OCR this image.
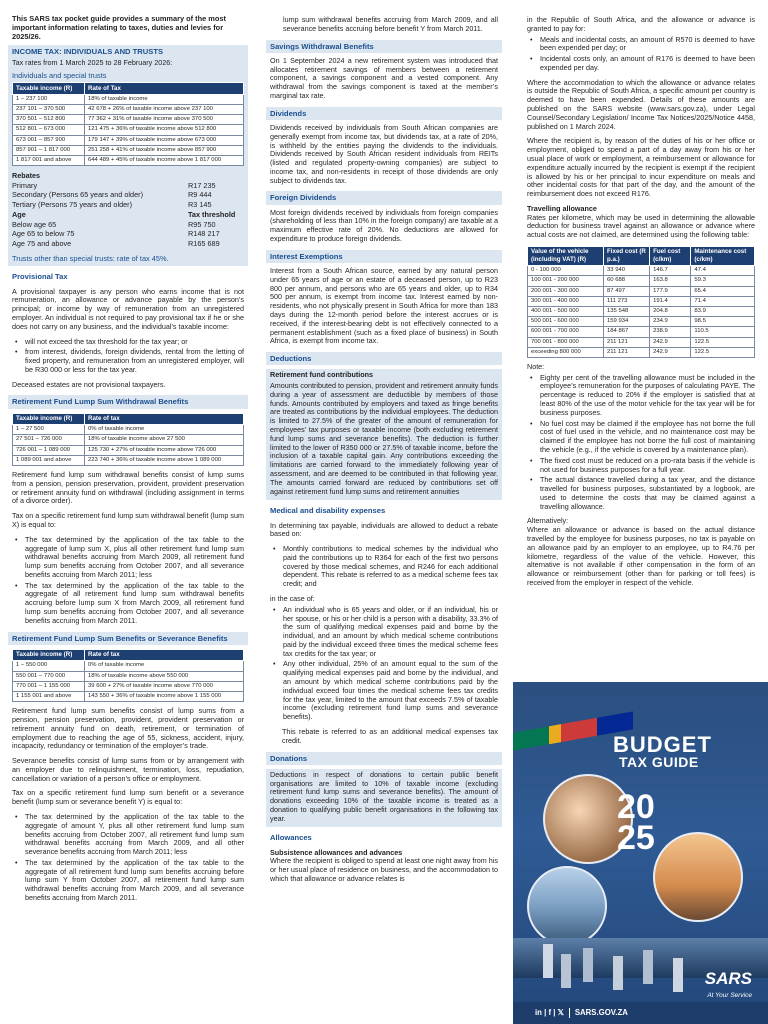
This SARS tax pocket guide provides a summary of the most important information relating to taxes, duties and levies for 2025/26.

INCOME TAX: INDIVIDUALS AND TRUSTS
Tax rates from 1 March 2025 to 28 February 2026:
Individuals and special trusts
Taxable income (R)	Rate of Tax
1 – 237 100	18% of taxable income
237 101 – 370 500	42 678 + 26% of taxable income above 237 100
370 501 – 512 800	77 362 + 31% of taxable income above 370 500
512 801 – 673 000	121 475 + 36% of taxable income above 512 800
673 001 – 857 900	179 147 + 39% of taxable income above 673 000
857 901 – 1 817 000	251 258 + 41% of taxable income above 857 900
1 817 001 and above	644 489 + 45% of taxable income above 1 817 000
Rebates
Primary	R17 235
Secondary (Persons 65 years and older)	R9 444
Tertiary (Persons 75 years and older)	R3 145
Age	Tax threshold
Below age 65	R95 750
Age 65 to below 75	R148 217
Age 75 and above	R165 689
Trusts other than special trusts: rate of tax 45%.
Provisional Tax

A provisional taxpayer is any person who earns income that is not remuneration, an allowance or advance payable by the person’s principal; or income by way of remuneration from an unregistered employer. An individual is not required to pay provisional tax if he or she does not carry on any business, and the individual’s taxable income:

• will not exceed the tax threshold for the tax year; or
• from interest, dividends, foreign dividends, rental from the letting of fixed property, and remuneration from an unregistered employer, will be R30 000 or less for the tax year.

Deceased estates are not provisional taxpayers.

Retirement Fund Lump Sum Withdrawal Benefits
Taxable income (R)	Rate of tax
1 – 27 500	0% of taxable income
27 501 – 726 000	18% of taxable income above 27 500
726 001 – 1 089 000	125 730 + 27% of taxable income above 726 000
1 089 001 and above	223 740 + 36% of taxable income above 1 089 000

Retirement fund lump sum withdrawal benefits consist of lump sums from a pension, pension preservation, provident, provident preservation or retirement annuity fund on withdrawal (including assignment in terms of a divorce order).

Tax on a specific retirement fund lump sum withdrawal benefit (lump sum X) is equal to:

• The tax determined by the application of the tax table to the aggregate of lump sum X, plus all other retirement fund lump sum withdrawal benefits accruing from March 2009, all retirement fund lump sum benefits accruing from October 2007, and all severance benefits accruing from March 2011; less
• The tax determined by the application of the tax table to the aggregate of all retirement fund lump sum withdrawal benefits accruing before lump sum X from March 2009, all retirement fund lump sum benefits accruing from October 2007, and all severance benefits accruing from March 2011.
Retirement Fund Lump Sum Benefits or Severance Benefits
Taxable income (R)	Rate of tax
1 – 550 000	0% of taxable income
550 001 – 770 000	18% of taxable income above 550 000
770 001 – 1 155 000	39 600 + 27% of taxable income above 770 000
1 155 001 and above	143 550 + 36% of taxable income above 1 155 000

Retirement fund lump sum benefits consist of lump sums from a pension, pension preservation, provident, provident preservation or retirement annuity fund on death, retirement, or termination of employment due to reaching the age of 55, sickness, accident, injury, incapacity, redundancy or termination of the employer’s trade.

Severance benefits consist of lump sums from or by arrangement with an employer due to relinquishment, termination, loss, repudiation, cancellation or variation of a person’s office or employment.

Tax on a specific retirement fund lump sum benefit or a severance benefit (lump sum or severance benefit Y) is equal to:

• The tax determined by the application of the tax table to the aggregate of amount Y, plus all other retirement fund lump sum benefits accruing from October 2007, all retirement fund lump sum withdrawal benefits accruing from March 2009, and all other severance benefits accruing from March 2011; less
• The tax determined by the application of the tax table to the aggregate of all retirement fund lump sum benefits accruing before lump sum Y from October 2007, all retirement fund lump sum withdrawal benefits accruing from March 2009, and all severance benefits accruing from March 2011.

lump sum withdrawal benefits accruing from March 2009, and all severance benefits accruing before benefit Y from March 2011.

Savings Withdrawal Benefits

On 1 September 2024 a new retirement system was introduced that allocates retirement savings of members between a retirement component, a savings component and a vested component. Any withdrawal from the savings component is taxed at the member’s marginal tax rate.

Dividends

Dividends received by individuals from South African companies are generally exempt from income tax, but dividends tax, at a rate of 20%, is withheld by the entities paying the dividends to the individuals. Dividends received by South African resident individuals from REITs (listed and regulated property-owning companies) are subject to income tax, and non-residents in receipt of those dividends are only subject to dividends tax.

Foreign Dividends

Most foreign dividends received by individuals from foreign companies (shareholding of less than 10% in the foreign company) are taxable at a maximum effective rate of 20%. No deductions are allowed for expenditure to produce foreign dividends.

Interest Exemptions

Interest from a South African source, earned by any natural person under 65 years of age or an estate of a deceased person, up to R23 800 per annum, and persons who are 65 years and older, up to R34 500 per annum, is exempt from income tax. Interest earned by non-residents, who not physically present in South Africa for more than 183 days during the 12-month period before the interest accrues or is received, if the interest-bearing debt is not effectively connected to a permanent establishment (such as a fixed place of business) in South Africa, is exempt from income tax.

Deductions
Retirement fund contributions

Amounts contributed to pension, provident and retirement annuity funds during a year of assessment are deductible by members of those funds. Amounts contributed by employers and taxed as fringe benefits are treated as contributions by the individual employees. The deduction is limited to 27.5% of the greater of the amount of remuneration for employees’ tax purposes or taxable income (both excluding retirement fund lump sums and severance benefits). The deduction is further limited to the lower of R350 000 or 27.5% of taxable income, before the inclusion of a taxable capital gain. Any contributions exceeding the limitations are carried forward to the immediately following year of assessment, and are deemed to be contributed in that following year. The amounts carried forward are reduced by contributions set off against retirement fund lump sums and retirement annuities

Medical and disability expenses

In determining tax payable, individuals are allowed to deduct a rebate based on:

• Monthly contributions to medical schemes by the individual who paid the contributions up to R364 for each of the first two persons covered by those medical schemes, and R246 for each additional dependent. This rebate is referred to as a medical scheme fees tax credit; and

in the case of:

• An individual who is 65 years and older, or if an individual, his or her spouse, or his or her child is a person with a disability, 33.3% of the sum of qualifying medical expenses paid and borne by the individual, and an amount by which medical scheme contributions paid by the individual exceed three times the medical scheme fees tax credits for the tax year; or
• Any other individual, 25% of an amount equal to the sum of the qualifying medical expenses paid and borne by the individual, and an amount by which medical scheme contributions paid by the individual exceed four times the medical scheme fees tax credits for the tax year, limited to the amount that exceeds 7.5% of taxable income (excluding retirement fund lump sums and severance benefits).

This rebate is referred to as an additional medical expenses tax credit.

Donations

Deductions in respect of donations to certain public benefit organisations are limited to 10% of taxable income (excluding retirement fund lump sums and severance benefits). The amount of donations exceeding 10% of the taxable income is treated as a donation to qualifying public benefit organisations in the following tax year.

Allowances
Subsistence allowances and advances

Where the recipient is obliged to spend at least one night away from his or her usual place of residence on business, and the accommodation to which that allowance or advance relates is

in the Republic of South Africa, and the allowance or advance is granted to pay for:

• Meals and incidental costs, an amount of R570 is deemed to have been expended per day; or
• Incidental costs only, an amount of R176 is deemed to have been expended per day.

Where the accommodation to which the allowance or advance relates is outside the Republic of South Africa, a specific amount per country is deemed to have been expended. Details of these amounts are published on the SARS website (www.sars.gov.za), under Legal Counsel/Secondary Legislation/ Income Tax Notices/2025/Notice 4458, published on 1 March 2024.

Where the recipient is, by reason of the duties of his or her office or employment, obliged to spend a part of a day away from his or her usual place of work or employment, a reimbursement or allowance for expenditure actually incurred by the recipient is exempt if the recipient is allowed by his or her principal to incur expenditure on meals and other incidental costs for that part of the day, and the amount of the reimbursement does not exceed R176.

Travelling allowance

Rates per kilometre, which may be used in determining the allowable deduction for business travel against an allowance or advance where actual costs are not claimed, are determined using the following table:

Value of the vehicle (including VAT) (R)	Fixed cost (R p.a.)	Fuel cost (c/km)	Maintenance cost (c/km)
0 - 100 000	33 940	146.7	47.4
100 001 - 200 000	60 688	163.8	59.3
200 001 - 300 000	87 497	177.9	65.4
300 001 - 400 000	111 273	191.4	71.4
400 001 - 500 000	135 548	204.8	83.9
500 001 - 600 000	159 934	234.9	98.5
600 001 - 700 000	184 867	238.9	110.5
700 001 - 800 000	211 121	242.9	122.5
exceeding 800 000	211 121	242.9	122.5
Note:
• Eighty per cent of the travelling allowance must be included in the employee’s remuneration for the purposes of calculating PAYE. The percentage is reduced to 20% if the employer is satisfied that at least 80% of the use of the motor vehicle for the tax year will be for business purposes.
• No fuel cost may be claimed if the employee has not borne the full cost of fuel used in the vehicle, and no maintenance cost may be claimed if the employee has not borne the full cost of maintaining the vehicle (e.g., if the vehicle is covered by a maintenance plan).
• The fixed cost must be reduced on a pro-rata basis if the vehicle is not used for business purposes for a full year.
• The actual distance travelled during a tax year, and the distance travelled for business purposes, substantiated by a logbook, are used to determine the costs that may be claimed against a travelling allowance.
Alternatively:

Where an allowance or advance is based on the actual distance travelled by the employee for business purposes, no tax is payable on an allowance paid by an employer to an employee, up to R4.76 per kilometre, regardless of the value of the vehicle. However, this alternative is not available if other compensation in the form of an allowance or reimbursement (other than for parking or toll fees) is received from the employer in respect of the vehicle.

BUDGET
TAX GUIDE
20 25
SARS
At Your Service
in | f | 𝕏 SARS.GOV.ZA
